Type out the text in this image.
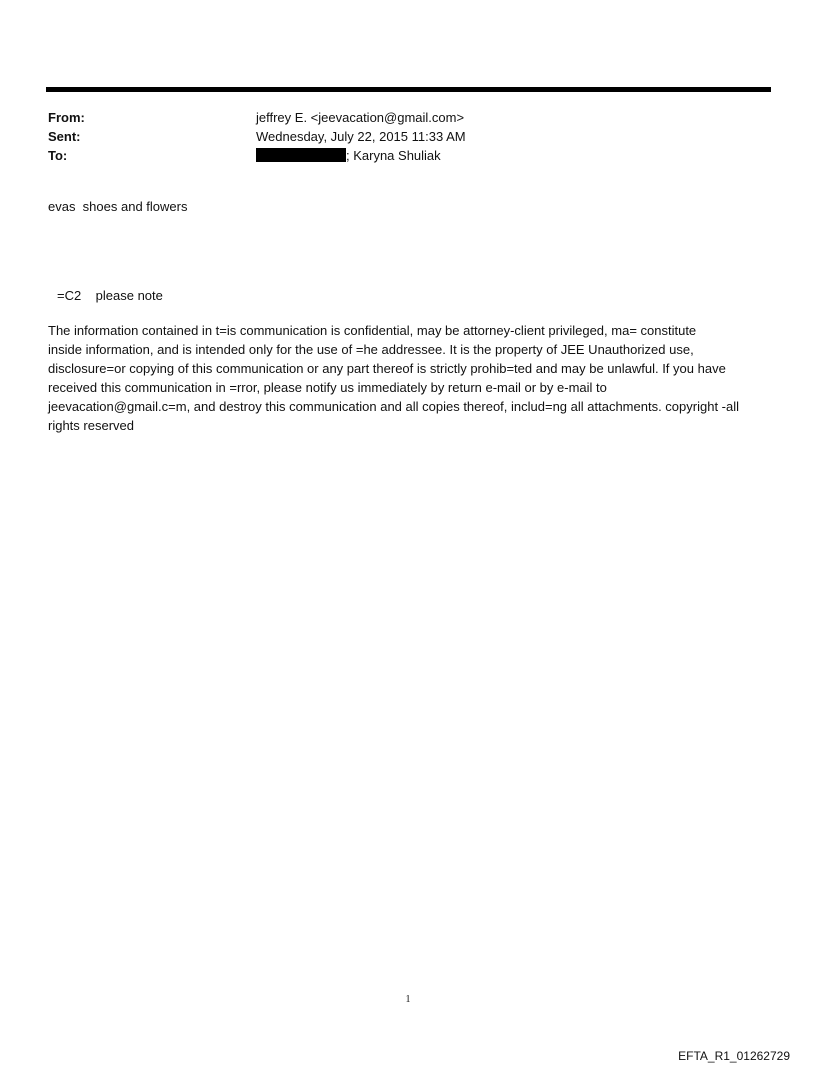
From:	jeffrey E. <jeevacation@gmail.com>
Sent:	Wednesday, July 22, 2015 11:33 AM
To:	; Karyna Shuliak
evas  shoes and flowers
=C2    please note
The information contained in t=is communication is confidential, may be attorney-client privileged, ma= constitute
inside information, and is intended only for the use of =he addressee. It is the property of JEE Unauthorized use,
disclosure=or copying of this communication or any part thereof is strictly prohib=ted and may be unlawful. If you have
received this communication in =rror, please notify us immediately by return e-mail or by e-mail to
jeevacation@gmail.c=m, and destroy this communication and all copies thereof, includ=ng all attachments. copyright -all
rights reserved
1
EFTA_R1_01262729
